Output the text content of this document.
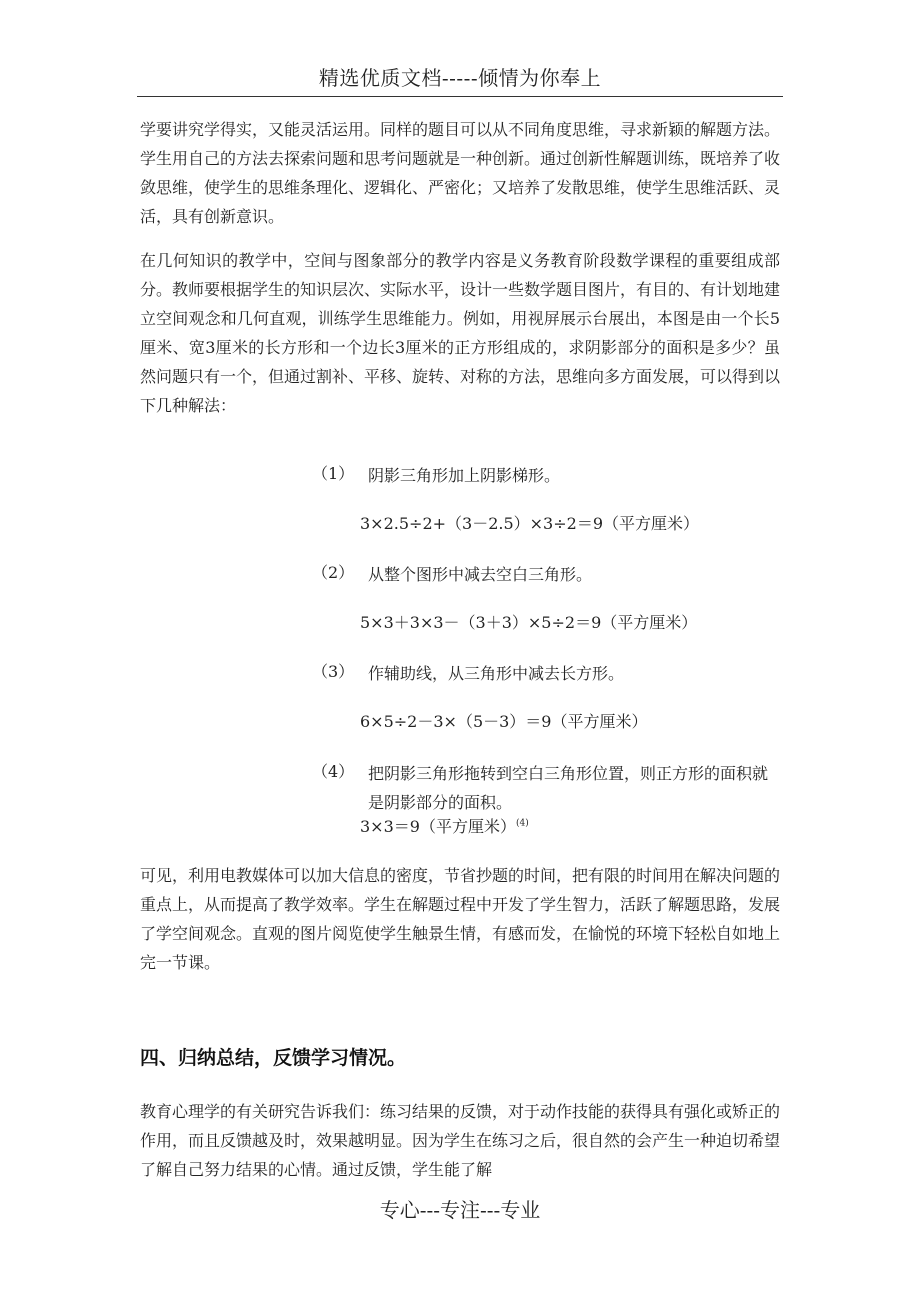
精选优质文档-----倾情为你奉上

学要讲究学得实，又能灵活运用。同样的题目可以从不同角度思维，寻求新颖的解题方法。学生用自己的方法去探索问题和思考问题就是一种创新。通过创新性解题训练，既培养了收敛思维，使学生的思维条理化、逻辑化、严密化；又培养了发散思维，使学生思维活跃、灵活，具有创新意识。

在几何知识的教学中，空间与图象部分的教学内容是义务教育阶段数学课程的重要组成部分。教师要根据学生的知识层次、实际水平，设计一些数学题目图片，有目的、有计划地建立空间观念和几何直观，训练学生思维能力。例如，用视屏展示台展出，本图是由一个长5厘米、宽3厘米的长方形和一个边长3厘米的正方形组成的，求阴影部分的面积是多少？虽然问题只有一个，但通过割补、平移、旋转、对称的方法，思维向多方面发展，可以得到以下几种解法：

（1） 阴影三角形加上阴影梯形。
3×2.5÷2+（3－2.5）×3÷2＝9（平方厘米）
（2） 从整个图形中减去空白三角形。
5×3＋3×3－（3＋3）×5÷2＝9（平方厘米）
（3） 作辅助线，从三角形中减去长方形。
6×5÷2－3×（5－3）＝9（平方厘米）
（4） 把阴影三角形拖转到空白三角形位置，则正方形的面积就是阴影部分的面积。
3×3＝9（平方厘米）$^{(4)}$

可见，利用电教媒体可以加大信息的密度，节省抄题的时间，把有限的时间用在解决问题的重点上，从而提高了教学效率。学生在解题过程中开发了学生智力，活跃了解题思路，发展了学空间观念。直观的图片阅览使学生触景生情，有感而发，在愉悦的环境下轻松自如地上完一节课。

四、归纳总结，反馈学习情况。

教育心理学的有关研究告诉我们：练习结果的反馈，对于动作技能的获得具有强化或矫正的作用，而且反馈越及时，效果越明显。因为学生在练习之后，很自然的会产生一种迫切希望了解自己努力结果的心情。通过反馈，学生能了解

专心---专注---专业
